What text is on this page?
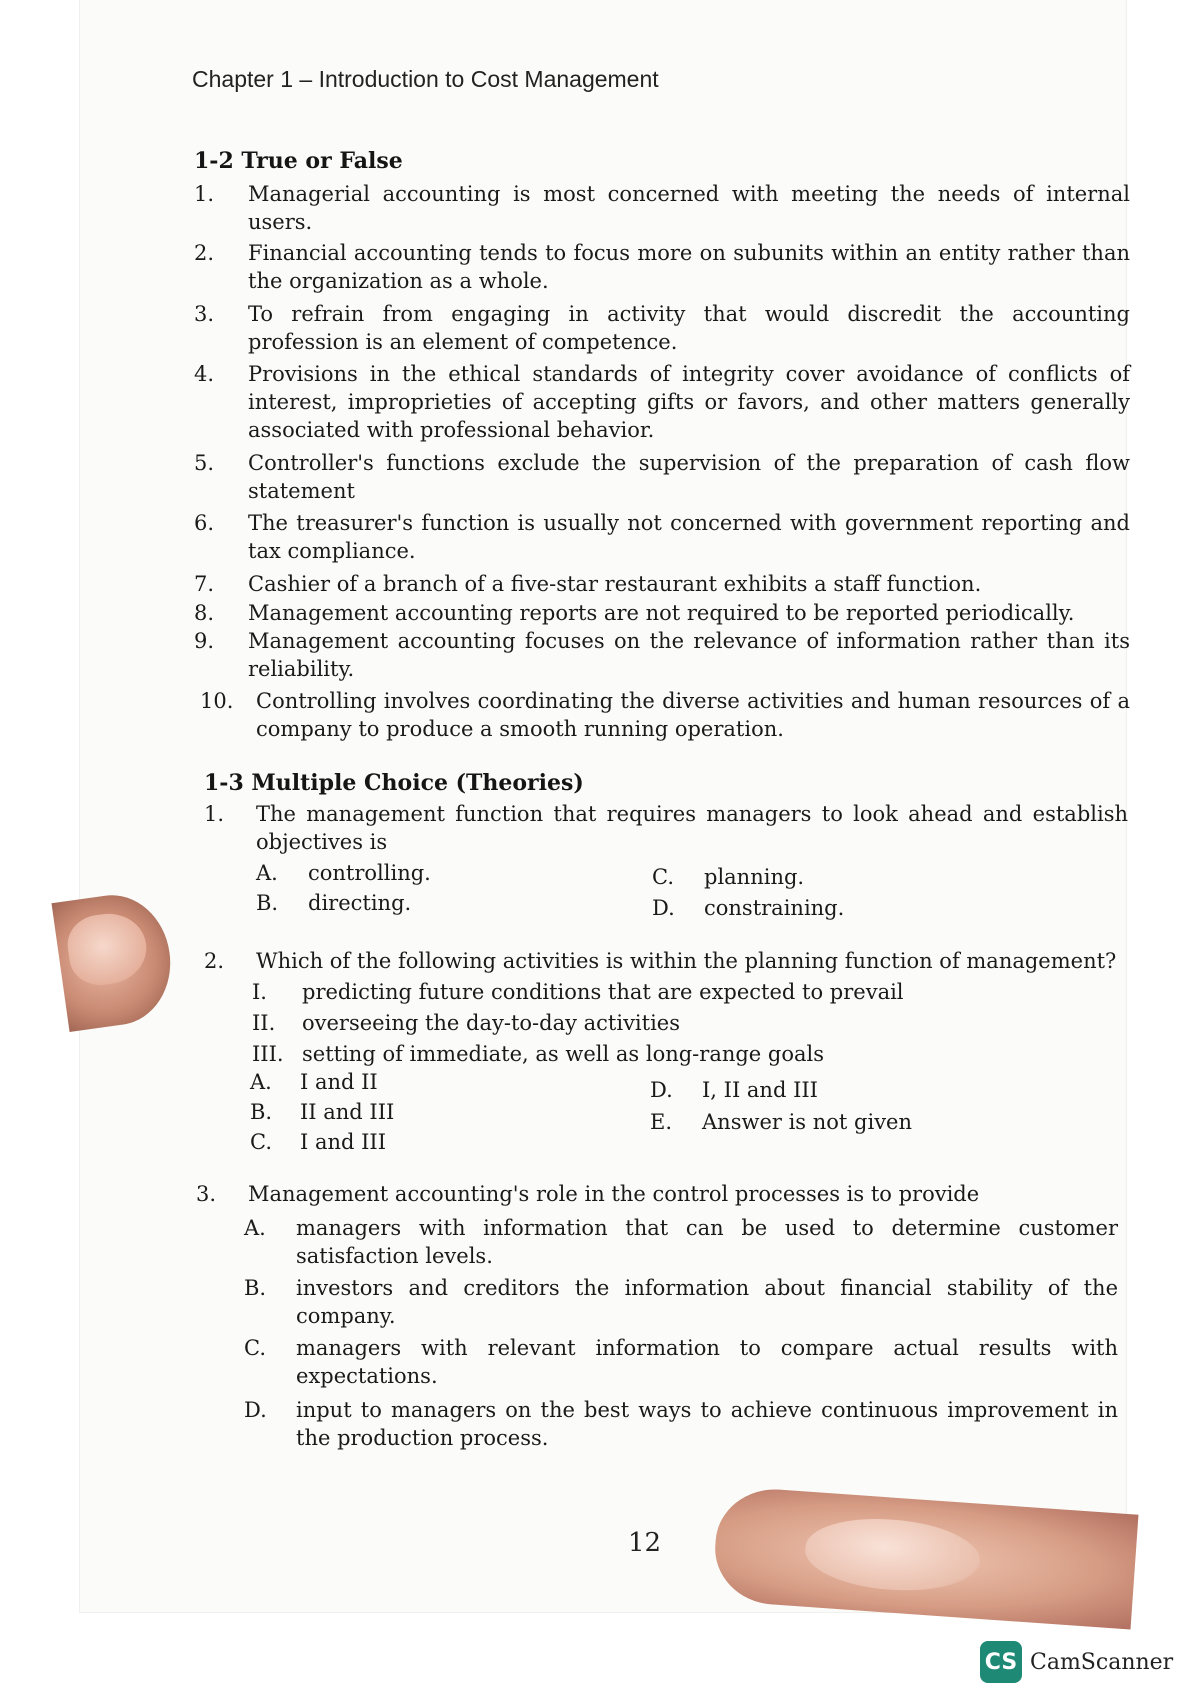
Chapter 1 – Introduction to Cost Management
1-2 True or False
1. Managerial accounting is most concerned with meeting the needs of internal users.
2. Financial accounting tends to focus more on subunits within an entity rather than the organization as a whole.
3. To refrain from engaging in activity that would discredit the accounting profession is an element of competence.
4. Provisions in the ethical standards of integrity cover avoidance of conflicts of interest, improprieties of accepting gifts or favors, and other matters generally associated with professional behavior.
5. Controller's functions exclude the supervision of the preparation of cash flow statement
6. The treasurer's function is usually not concerned with government reporting and tax compliance.
7. Cashier of a branch of a five-star restaurant exhibits a staff function.
8. Management accounting reports are not required to be reported periodically.
9. Management accounting focuses on the relevance of information rather than its reliability.
10. Controlling involves coordinating the diverse activities and human resources of a company to produce a smooth running operation.
1-3 Multiple Choice (Theories)
1. The management function that requires managers to look ahead and establish objectives is
A. controlling.
B. directing.
C. planning.
D. constraining.
2. Which of the following activities is within the planning function of management?
I. predicting future conditions that are expected to prevail
II. overseeing the day-to-day activities
III. setting of immediate, as well as long-range goals
A. I and II
B. II and III
C. I and III
D. I, II and III
E. Answer is not given
3. Management accounting's role in the control processes is to provide
A. managers with information that can be used to determine customer satisfaction levels.
B. investors and creditors the information about financial stability of the company.
C. managers with relevant information to compare actual results with expectations.
D. input to managers on the best ways to achieve continuous improvement in the production process.
12
CS CamScanner
